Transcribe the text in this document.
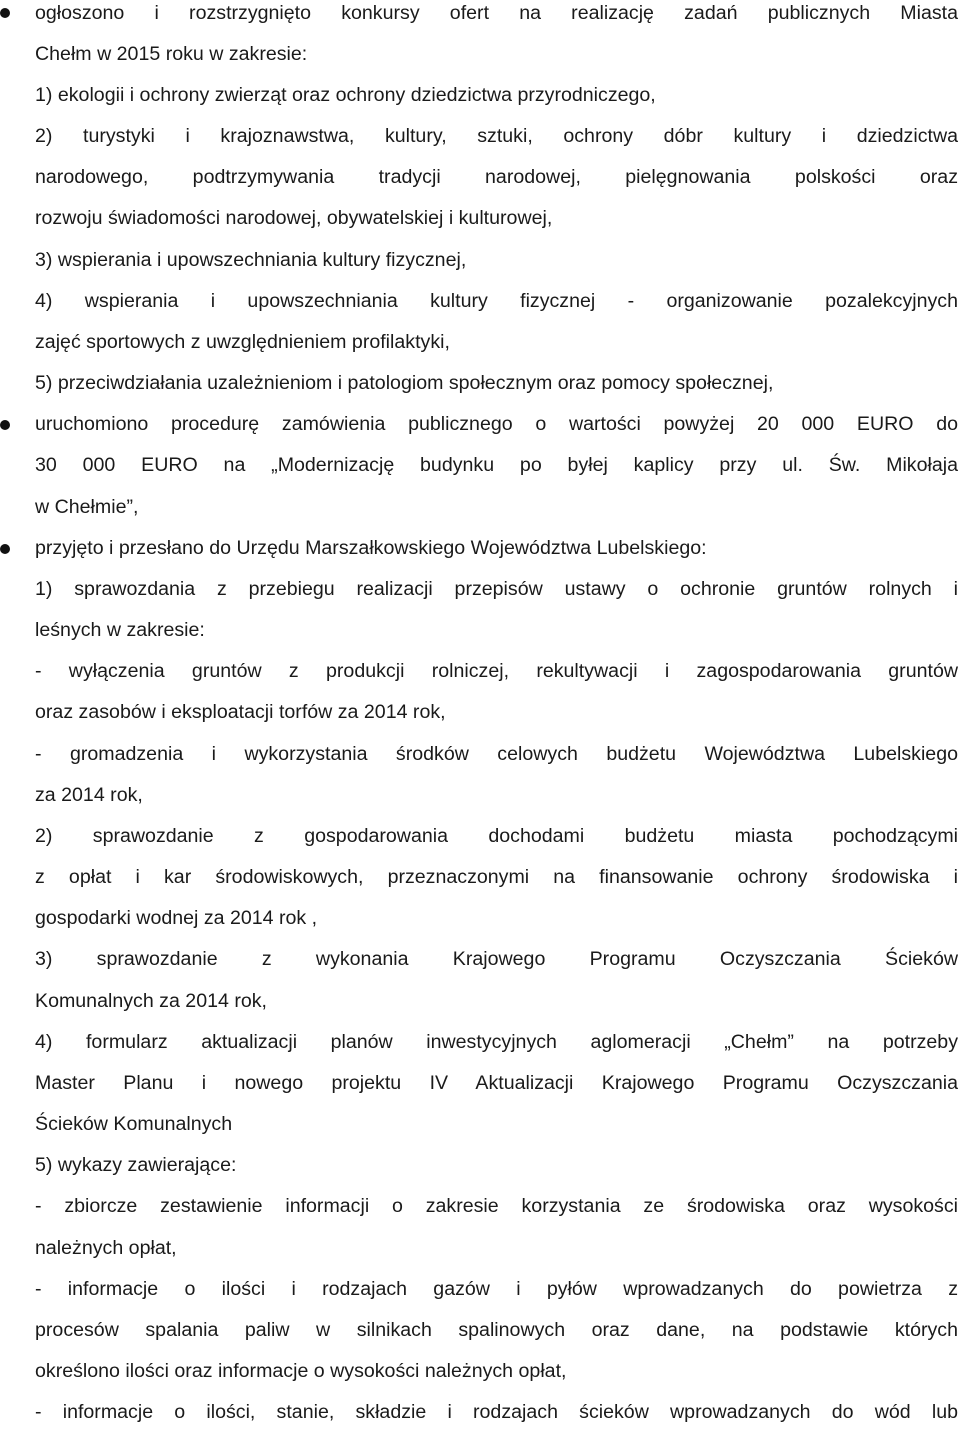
ogłoszono i rozstrzygnięto konkursy ofert na realizację zadań publicznych Miasta
Chełm w 2015 roku w zakresie:
1) ekologii i ochrony zwierząt oraz ochrony dziedzictwa przyrodniczego,
2) turystyki i krajoznawstwa, kultury, sztuki, ochrony dóbr kultury i dziedzictwa
narodowego, podtrzymywania tradycji narodowej, pielęgnowania polskości oraz
rozwoju świadomości narodowej, obywatelskiej i kulturowej,
3) wspierania i upowszechniania kultury fizycznej,
4) wspierania i upowszechniania kultury fizycznej - organizowanie pozalekcyjnych
zajęć sportowych z uwzględnieniem profilaktyki,
5) przeciwdziałania uzależnieniom i patologiom społecznym oraz pomocy społecznej,
uruchomiono procedurę zamówienia publicznego o wartości powyżej 20 000 EURO do
30 000 EURO na „Modernizację budynku po byłej kaplicy przy ul. Św. Mikołaja
w Chełmie”,
przyjęto i przesłano do Urzędu Marszałkowskiego Województwa Lubelskiego:
1) sprawozdania z przebiegu realizacji przepisów ustawy o ochronie gruntów rolnych i
leśnych w zakresie:
- wyłączenia gruntów z produkcji rolniczej, rekultywacji i zagospodarowania gruntów
oraz zasobów i eksploatacji torfów za 2014 rok,
- gromadzenia i wykorzystania środków celowych budżetu Województwa Lubelskiego
za 2014 rok,
2) sprawozdanie z gospodarowania dochodami budżetu miasta pochodzącymi
z opłat i kar środowiskowych, przeznaczonymi na finansowanie ochrony środowiska i
gospodarki wodnej za 2014 rok ,
3) sprawozdanie z wykonania Krajowego Programu Oczyszczania Ścieków
Komunalnych za 2014 rok,
4) formularz aktualizacji planów inwestycyjnych aglomeracji „Chełm” na potrzeby
Master Planu i nowego projektu IV Aktualizacji Krajowego Programu Oczyszczania
Ścieków Komunalnych
5) wykazy zawierające:
- zbiorcze zestawienie informacji o zakresie korzystania ze środowiska oraz wysokości
należnych opłat,
- informacje o ilości i rodzajach gazów i pyłów wprowadzanych do powietrza z
procesów spalania paliw w silnikach spalinowych oraz dane, na podstawie których
określono ilości oraz informacje o wysokości należnych opłat,
- informacje o ilości, stanie, składzie i rodzajach ścieków wprowadzanych do wód lub
